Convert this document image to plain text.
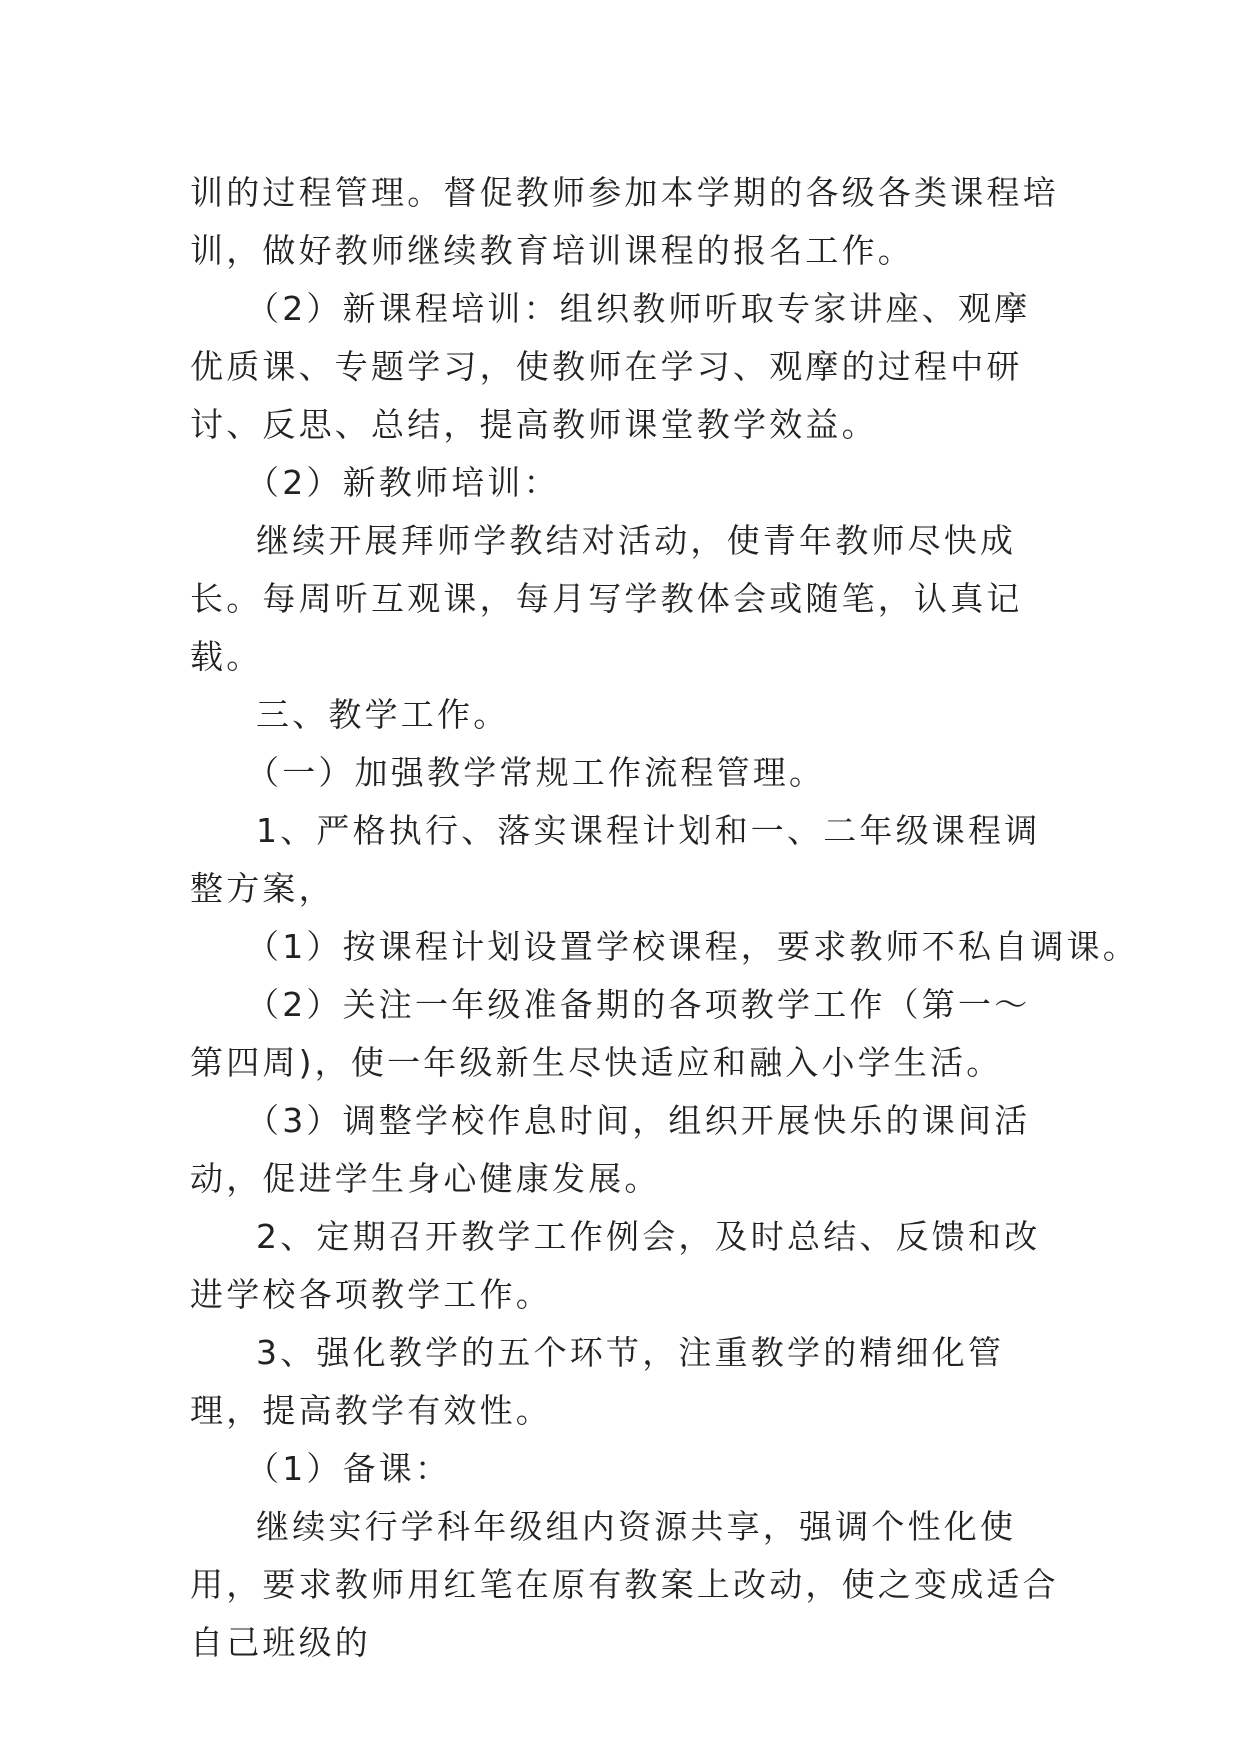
训的过程管理。督促教师参加本学期的各级各类课程培训，做好教师继续教育培训课程的报名工作。

（2）新课程培训：组织教师听取专家讲座、观摩优质课、专题学习，使教师在学习、观摩的过程中研讨、反思、总结，提高教师课堂教学效益。

（2）新教师培训：

继续开展拜师学教结对活动，使青年教师尽快成长。每周听互观课，每月写学教体会或随笔，认真记载。

三、教学工作。

（一）加强教学常规工作流程管理。

1、严格执行、落实课程计划和一、二年级课程调整方案，

（1）按课程计划设置学校课程，要求教师不私自调课。

（2）关注一年级准备期的各项教学工作（第一～第四周)，使一年级新生尽快适应和融入小学生活。

（3）调整学校作息时间，组织开展快乐的课间活动，促进学生身心健康发展。

2、定期召开教学工作例会，及时总结、反馈和改进学校各项教学工作。

3、强化教学的五个环节，注重教学的精细化管理，提高教学有效性。

（1）备课：

继续实行学科年级组内资源共享，强调个性化使用，要求教师用红笔在原有教案上改动，使之变成适合自己班级的
